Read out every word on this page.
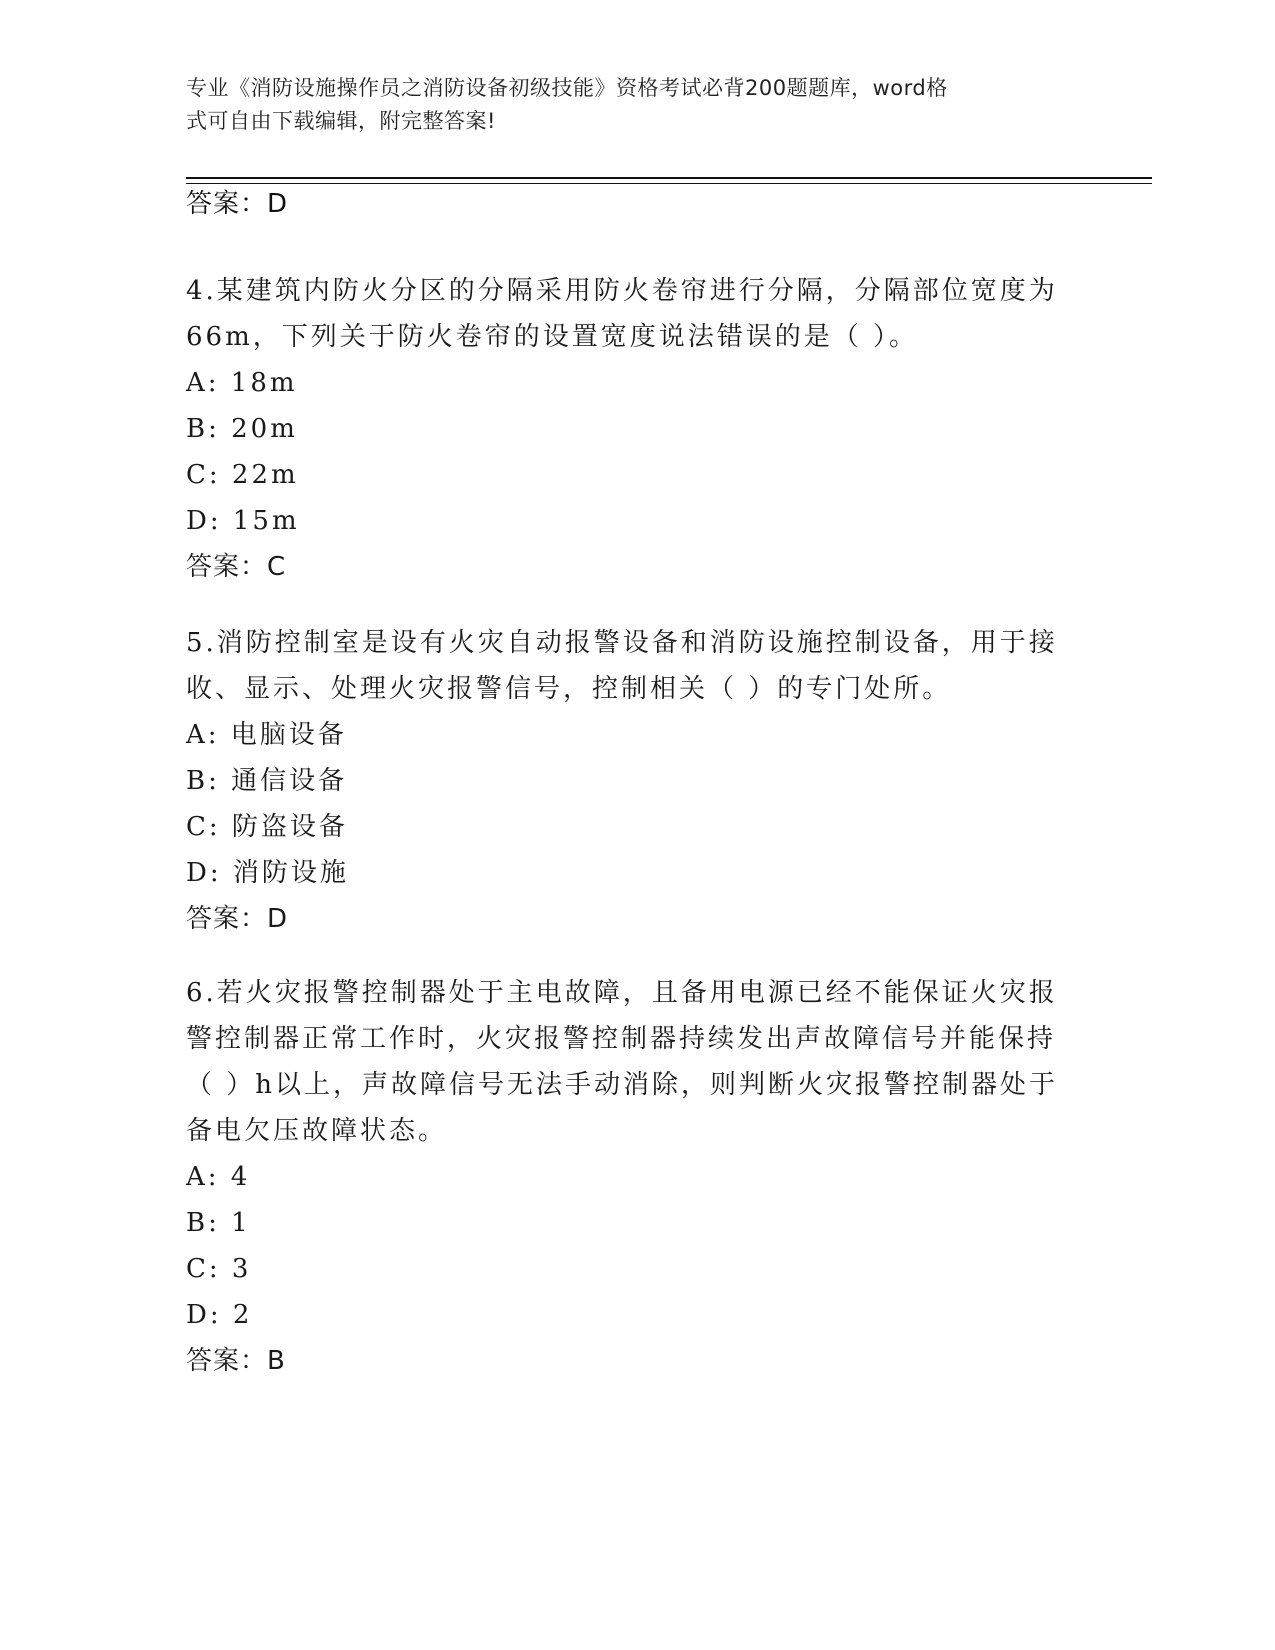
专业《消防设施操作员之消防设备初级技能》资格考试必背200题题库，word格
式可自由下载编辑，附完整答案!
答案：D
4.某建筑内防火分区的分隔采用防火卷帘进行分隔，分隔部位宽度为
66m，下列关于防火卷帘的设置宽度说法错误的是（ ）。
A: 18m
B: 20m
C: 22m
D: 15m
答案：C
5.消防控制室是设有火灾自动报警设备和消防设施控制设备，用于接
收、显示、处理火灾报警信号，控制相关（ ）的专门处所。
A: 电脑设备
B: 通信设备
C: 防盗设备
D: 消防设施
答案：D
6.若火灾报警控制器处于主电故障，且备用电源已经不能保证火灾报
警控制器正常工作时，火灾报警控制器持续发出声故障信号并能保持
（ ）h以上，声故障信号无法手动消除，则判断火灾报警控制器处于
备电欠压故障状态。
A: 4
B: 1
C: 3
D: 2
答案：B
